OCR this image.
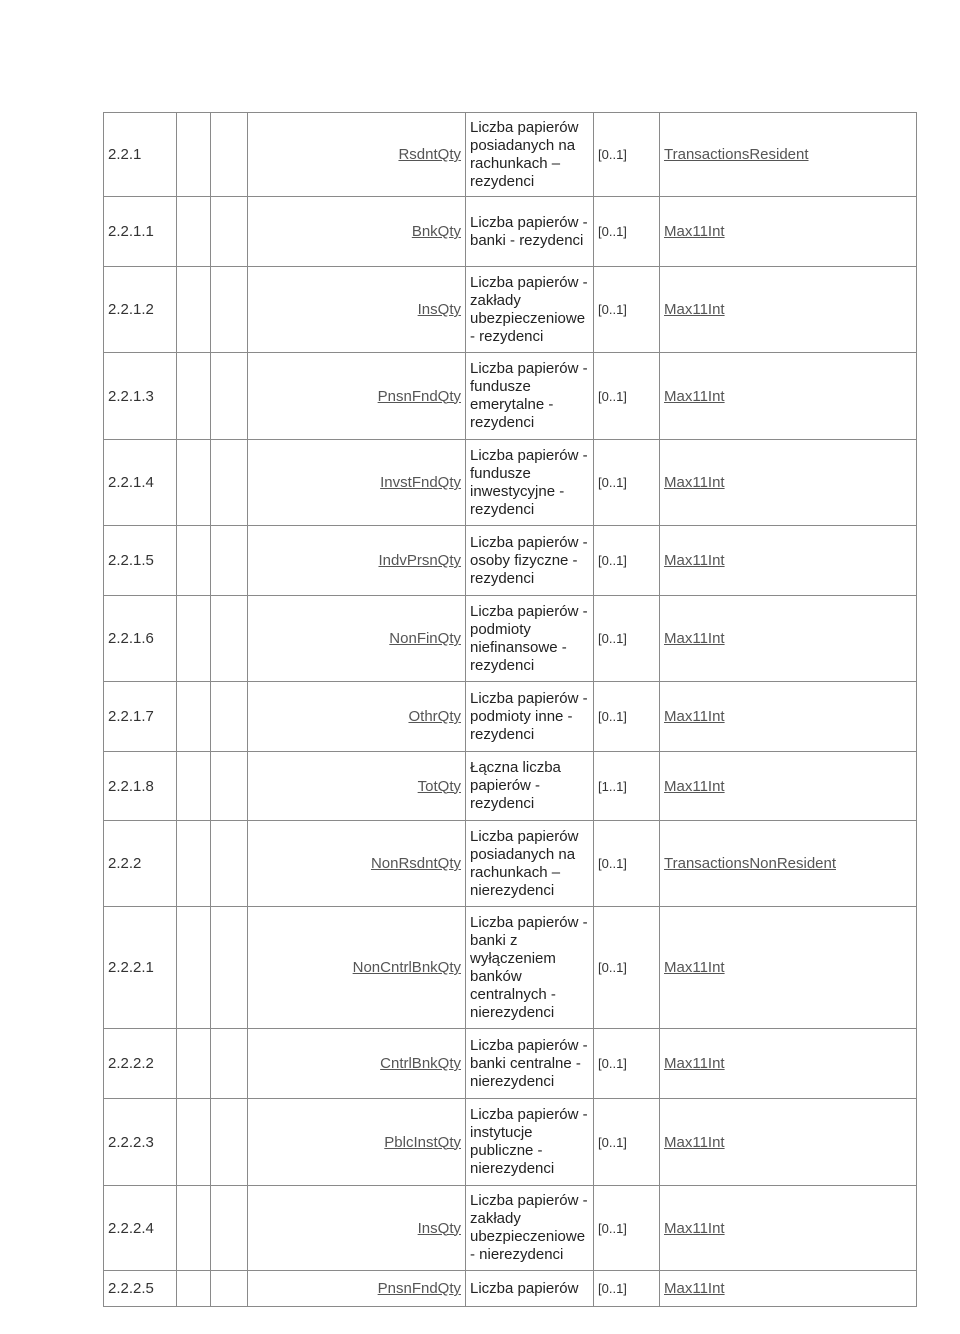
2.2.1			RsdntQty	Liczba papierów posiadanych na rachunkach – rezydenci	[0..1]	TransactionsResident
2.2.1.1			BnkQty	Liczba papierów - banki - rezydenci	[0..1]	Max11Int
2.2.1.2			InsQty	Liczba papierów - zakłady ubezpieczeniowe - rezydenci	[0..1]	Max11Int
2.2.1.3			PnsnFndQty	Liczba papierów - fundusze emerytalne - rezydenci	[0..1]	Max11Int
2.2.1.4			InvstFndQty	Liczba papierów - fundusze inwestycyjne - rezydenci	[0..1]	Max11Int
2.2.1.5			IndvPrsnQty	Liczba papierów - osoby fizyczne - rezydenci	[0..1]	Max11Int
2.2.1.6			NonFinQty	Liczba papierów - podmioty niefinansowe - rezydenci	[0..1]	Max11Int
2.2.1.7			OthrQty	Liczba papierów - podmioty inne - rezydenci	[0..1]	Max11Int
2.2.1.8			TotQty	Łączna liczba papierów - rezydenci	[1..1]	Max11Int
2.2.2			NonRsdntQty	Liczba papierów posiadanych na rachunkach – nierezydenci	[0..1]	TransactionsNonResident
2.2.2.1			NonCntrlBnkQty	Liczba papierów - banki z wyłączeniem banków centralnych - nierezydenci	[0..1]	Max11Int
2.2.2.2			CntrlBnkQty	Liczba papierów - banki centralne - nierezydenci	[0..1]	Max11Int
2.2.2.3			PblcInstQty	Liczba papierów - instytucje publiczne - nierezydenci	[0..1]	Max11Int
2.2.2.4			InsQty	Liczba papierów - zakłady ubezpieczeniowe - nierezydenci	[0..1]	Max11Int
2.2.2.5			PnsnFndQty	Liczba papierów	[0..1]	Max11Int
